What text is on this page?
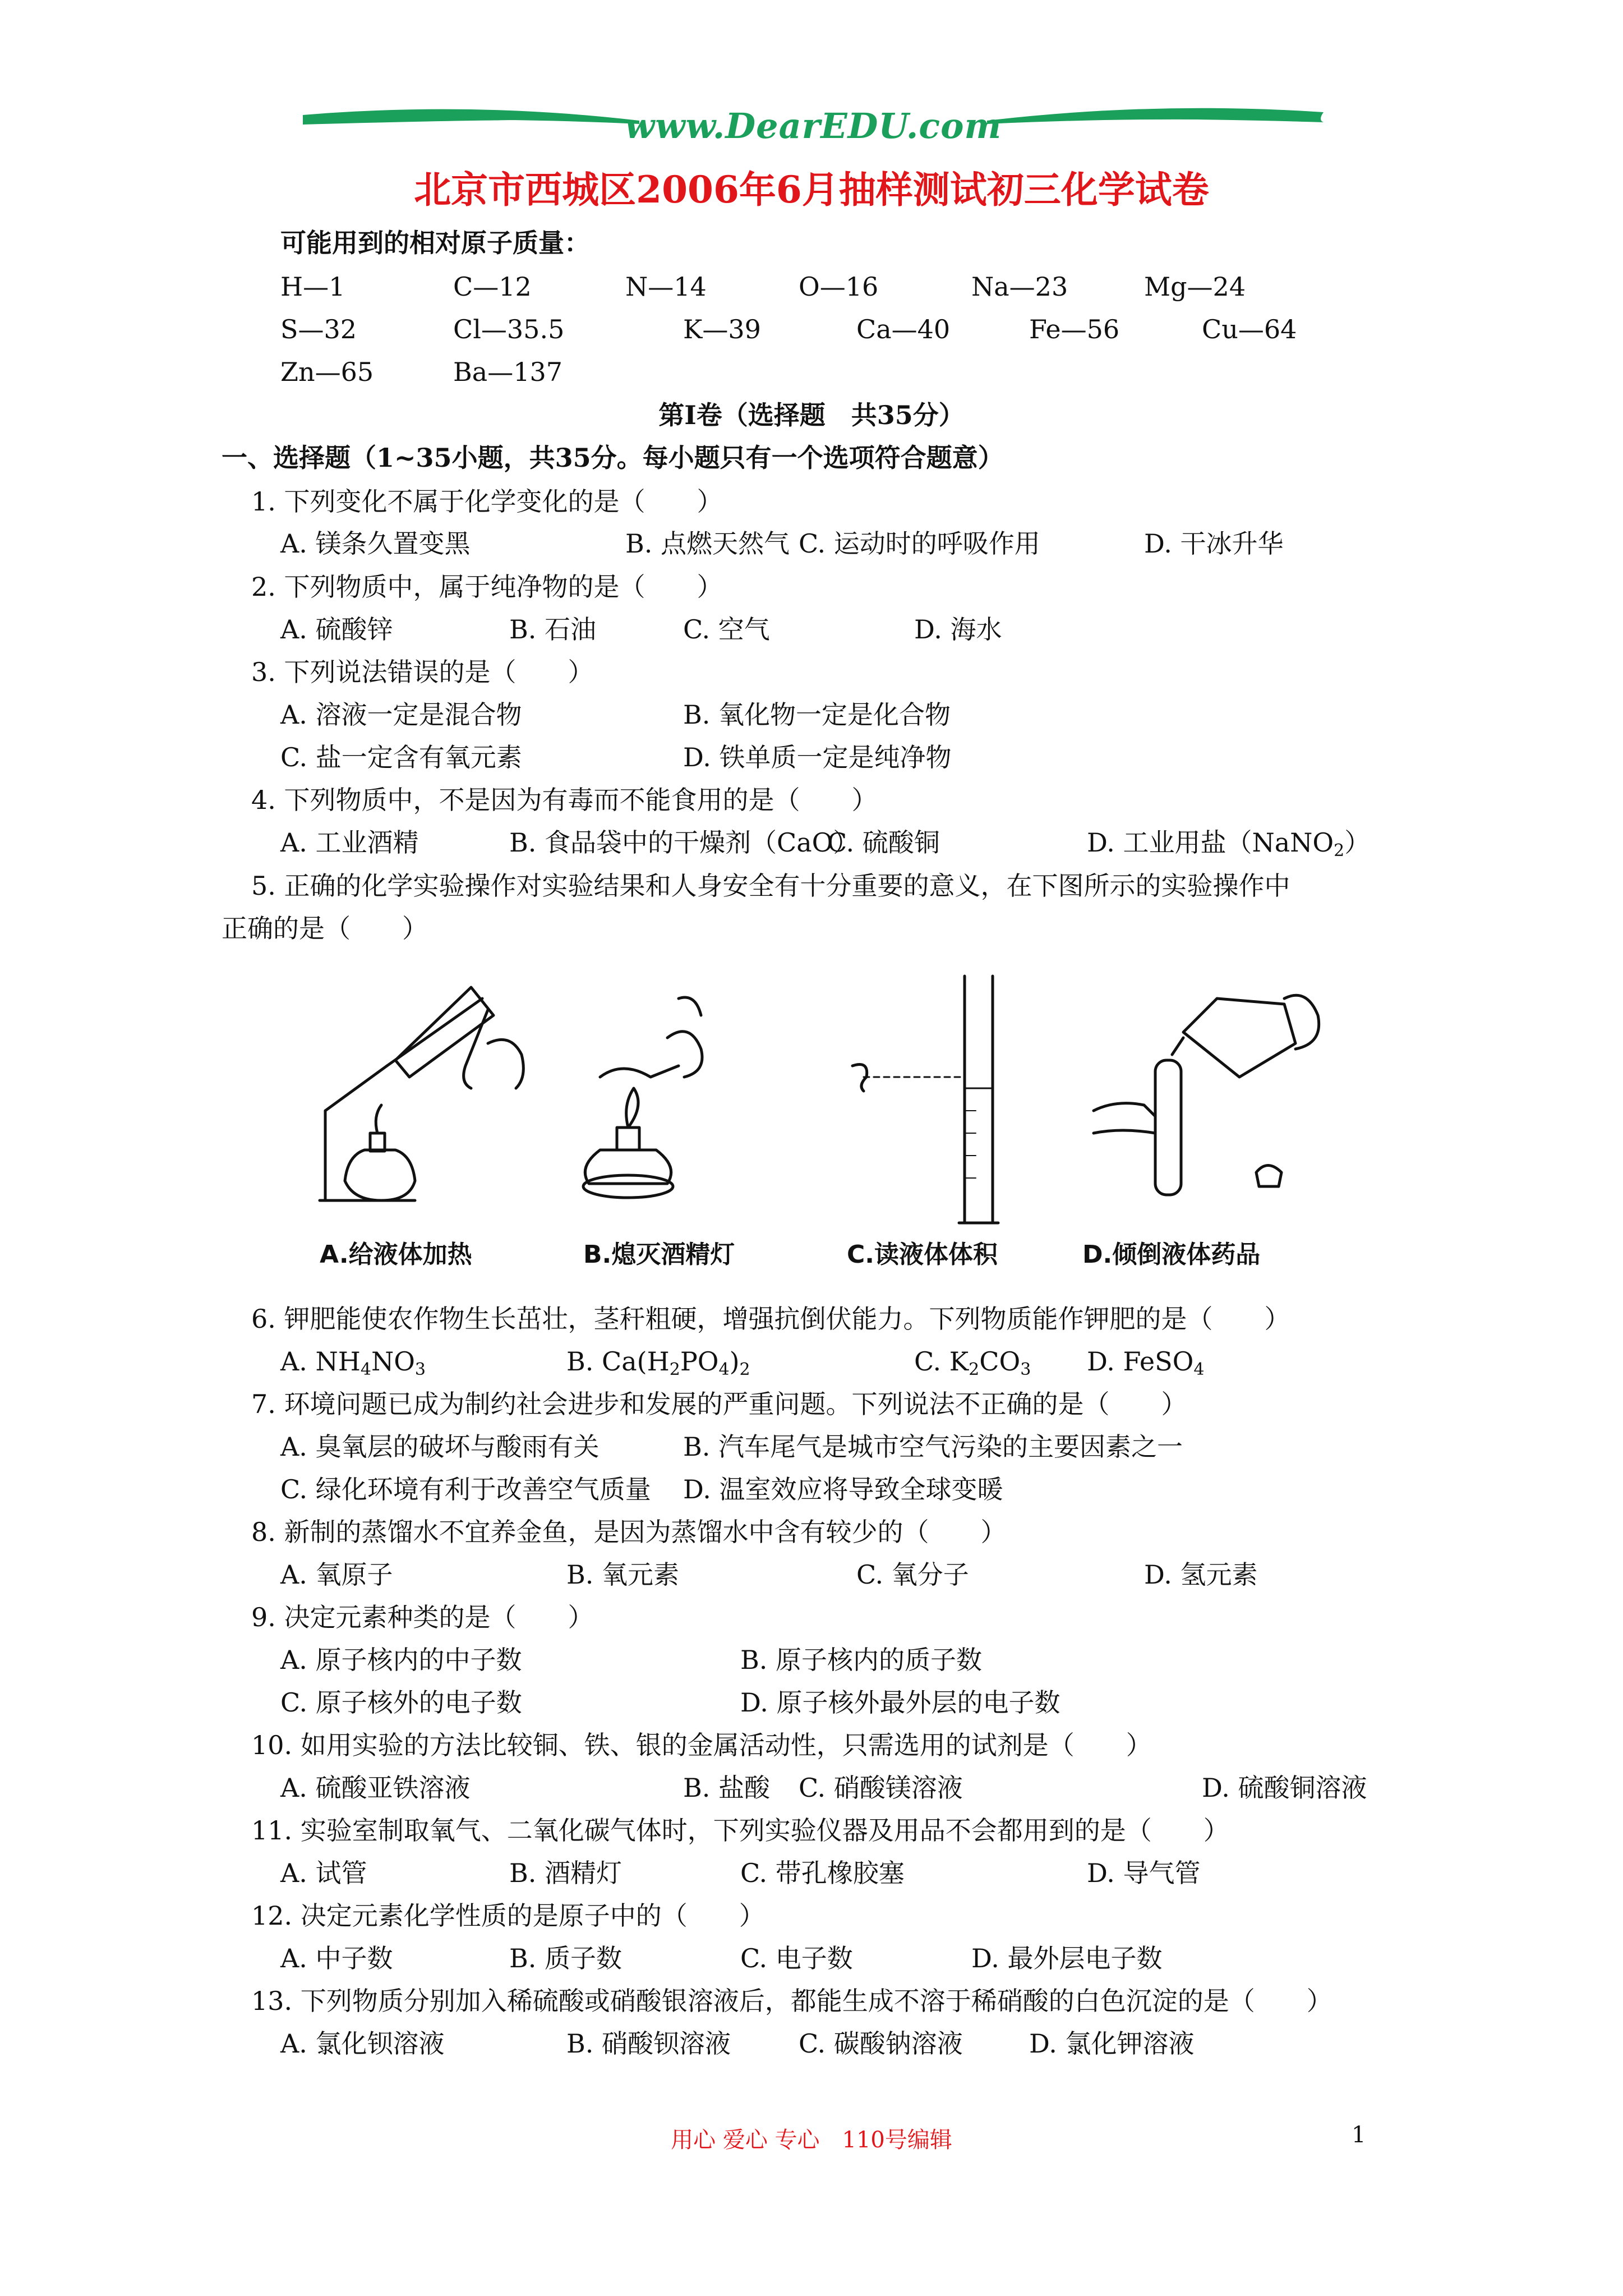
www.DearEDU.com
北京市西城区2006年6月抽样测试初三化学试卷
可能用到的相对原子质量：
H—1	C—12	N—14	O—16	Na—23	Mg—24
S—32	Cl—35.5	K—39	Ca—40	Fe—56	Cu—64
Zn—65	Ba—137
第Ⅰ卷（选择题　共35分）
一、选择题（1~35小题，共35分。每小题只有一个选项符合题意）
1. 下列变化不属于化学变化的是（　　）
A. 镁条久置变黑	B. 点燃天然气 C. 运动时的呼吸作用	D. 干冰升华
2. 下列物质中，属于纯净物的是（　　）
A. 硫酸锌	B. 石油	C. 空气	D. 海水
3. 下列说法错误的是（　　）
A. 溶液一定是混合物	B. 氧化物一定是化合物
C. 盐一定含有氧元素	D. 铁单质一定是纯净物
4. 下列物质中，不是因为有毒而不能食用的是（　　）
A. 工业酒精	B. 食品袋中的干燥剂（CaO）
C. 硫酸铜	D. 工业用盐（NaNO$_2$）
5. 正确的化学实验操作对实验结果和人身安全有十分重要的意义，在下图所示的实验操作中
正确的是（　　）
A.给液体加热	B.熄灭酒精灯	C.读液体体积	D.倾倒液体药品
6. 钾肥能使农作物生长茁壮，茎秆粗硬，增强抗倒伏能力。下列物质能作钾肥的是（　　）
A. $NH_4NO_3$	B. $Ca(H_2PO_4)_2$	C. $K_2CO_3$ D. FeSO$_4$
7. 环境问题已成为制约社会进步和发展的严重问题。下列说法不正确的是（　　）
A. 臭氧层的破坏与酸雨有关	B. 汽车尾气是城市空气污染的主要因素之一
C. 绿化环境有利于改善空气质量 D. 温室效应将导致全球变暖
8. 新制的蒸馏水不宜养金鱼，是因为蒸馏水中含有较少的（　　）
A. 氧原子	B. 氧元素	C. 氧分子	D. 氢元素
9. 决定元素种类的是（　　）
A. 原子核内的中子数	B. 原子核内的质子数
C. 原子核外的电子数	D. 原子核外最外层的电子数
10. 如用实验的方法比较铜、铁、银的金属活动性，只需选用的试剂是（　　）
A. 硫酸亚铁溶液	B. 盐酸 C. 硝酸镁溶液	D. 硫酸铜溶液
11. 实验室制取氧气、二氧化碳气体时，下列实验仪器及用品不会都用到的是（　　）
A. 试管	B. 酒精灯	C. 带孔橡胶塞	D. 导气管
12. 决定元素化学性质的是原子中的（　　）
A. 中子数	B. 质子数	C. 电子数	D. 最外层电子数
13. 下列物质分别加入稀硫酸或硝酸银溶液后，都能生成不溶于稀硝酸的白色沉淀的是（　　）
A. 氯化钡溶液	B. 硝酸钡溶液	C. 碳酸钠溶液	D. 氯化钾溶液
用心 爱心 专心　110号编辑	1
